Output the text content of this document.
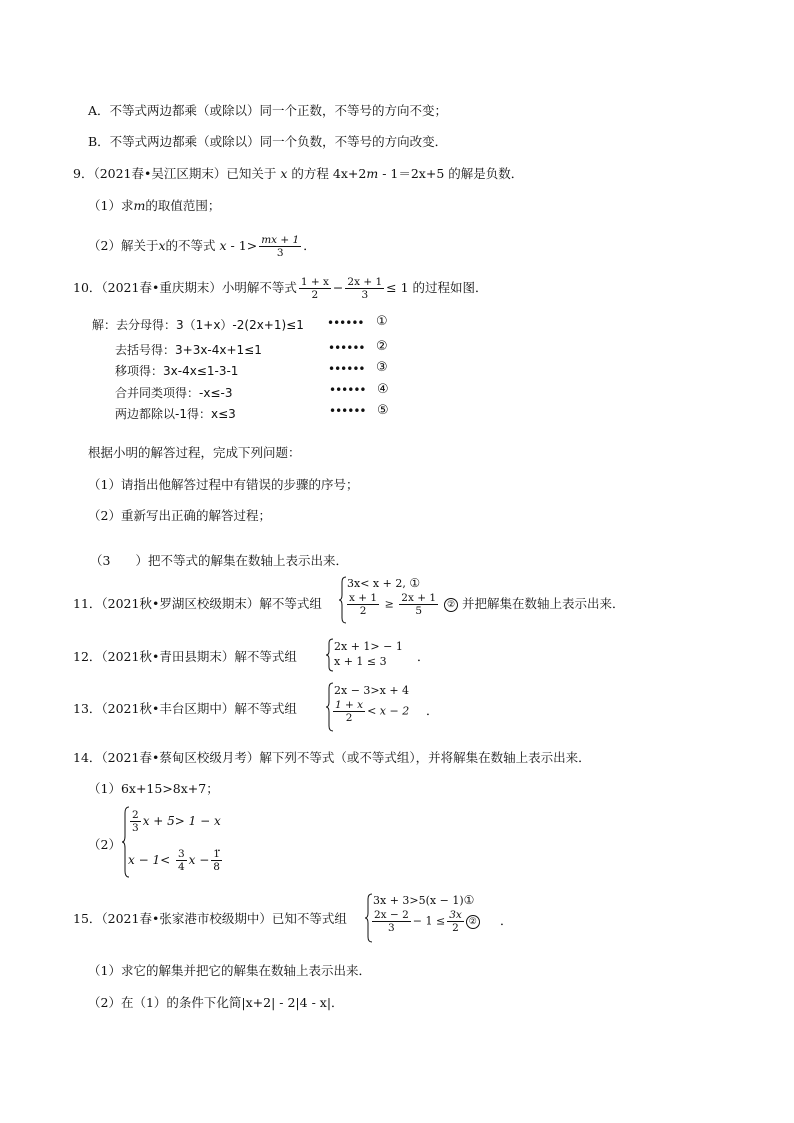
A．不等式两边都乘（或除以）同一个正数，不等号的方向不变；
B．不等式两边都乘（或除以）同一个负数，不等号的方向改变．
9．（2021春•吴江区期末）已知关于 x 的方程 4x+2m - 1＝2x+5 的解是负数．
（1）求m的取值范围；
（2）解关于x的不等式 $x - 1> \frac{mx + 1}{3}$ ．
10．（2021春•重庆期末）小明解不等式 $\frac{1 + x}{2} - \frac{2x + 1}{3} \le 1$ 的过程如图．
解：去分母得：3（1+x）-2(2x+1)≤1 •••••• ①
去括号得：3+3x-4x+1≤1	•••••• ②
移项得：3x-4x≤1-3-1	•••••• ③
合并同类项得：-x≤-3	•••••• ④
两边都除以-1得：x≤3	•••••• ⑤
根据小明的解答过程，完成下列问题：
（1）请指出他解答过程中有错误的步骤的序号；
（2）重新写出正确的解答过程；
（3　　）把不等式的解集在数轴上表示出来．
11．（2021秋•罗湖区校级期末）解不等式组
3x< x + 2, ①
$\frac{x + 1}{2} \ge \frac{2x + 1}{5}$ ② 并把解集在数轴上表示出来．
12．（2021秋•青田县期末）解不等式组
2x + 1> − 1
x + 1 ≤ 3 ．
13．（2021秋•丰台区期中）解不等式组
2x − 3>x + 4
$\frac{1 + x}{2} < x - 2$ ．
14．（2021春•蔡甸区校级月考）解下列不等式（或不等式组），并将解集在数轴上表示出来．
（1）6x+15>8x+7；
（2）
$\frac{2}{3}$ x + 5> 1 − x
$x - 1< \frac{3}{4}$ $x - \frac{1}{8}$
．
15．（2021春•张家港市校级期中）已知不等式组
3x + 3>5(x − 1)①
$\frac{2x - 2}{3} - 1 \le \frac{3x}{2}$ ② ．
（1）求它的解集并把它的解集在数轴上表示出来．
（2）在（1）的条件下化简|x+2| - 2|4 - x|．
